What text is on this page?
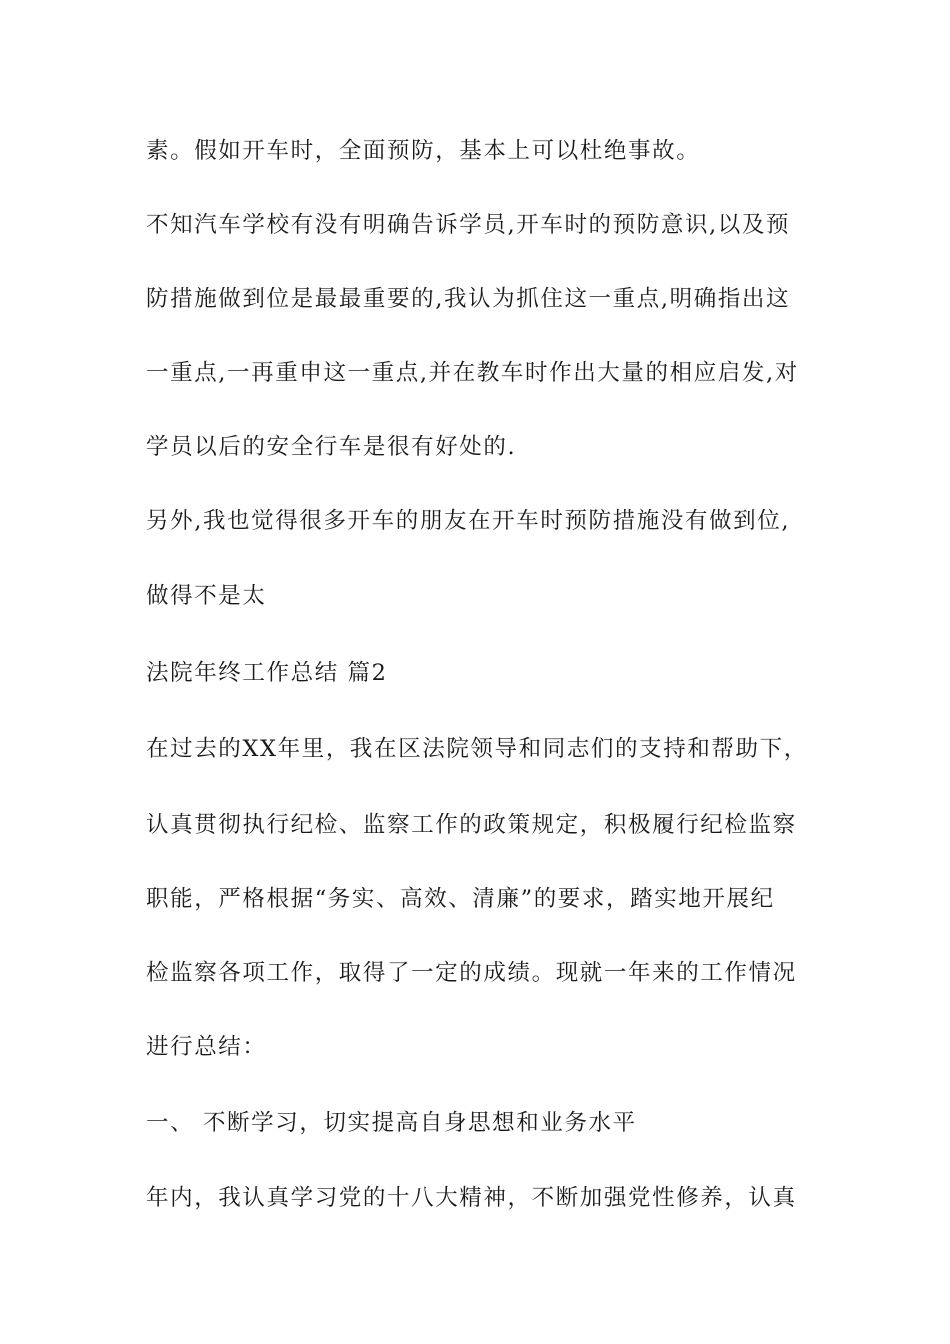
素。假如开车时，全面预防，基本上可以杜绝事故。

不知汽车学校有没有明确告诉学员,开车时的预防意识,以及预

防措施做到位是最最重要的,我认为抓住这一重点,明确指出这

一重点,一再重申这一重点,并在教车时作出大量的相应启发,对

学员以后的安全行车是很有好处的.

另外,我也觉得很多开车的朋友在开车时预防措施没有做到位,

做得不是太

法院年终工作总结 篇2

在过去的XX年里，我在区法院领导和同志们的支持和帮助下，

认真贯彻执行纪检、监察工作的政策规定，积极履行纪检监察

职能，严格根据“务实、高效、清廉”的要求，踏实地开展纪

检监察各项工作，取得了一定的成绩。现就一年来的工作情况

进行总结：

一、 不断学习，切实提高自身思想和业务水平

年内，我认真学习党的十八大精神，不断加强党性修养，认真
